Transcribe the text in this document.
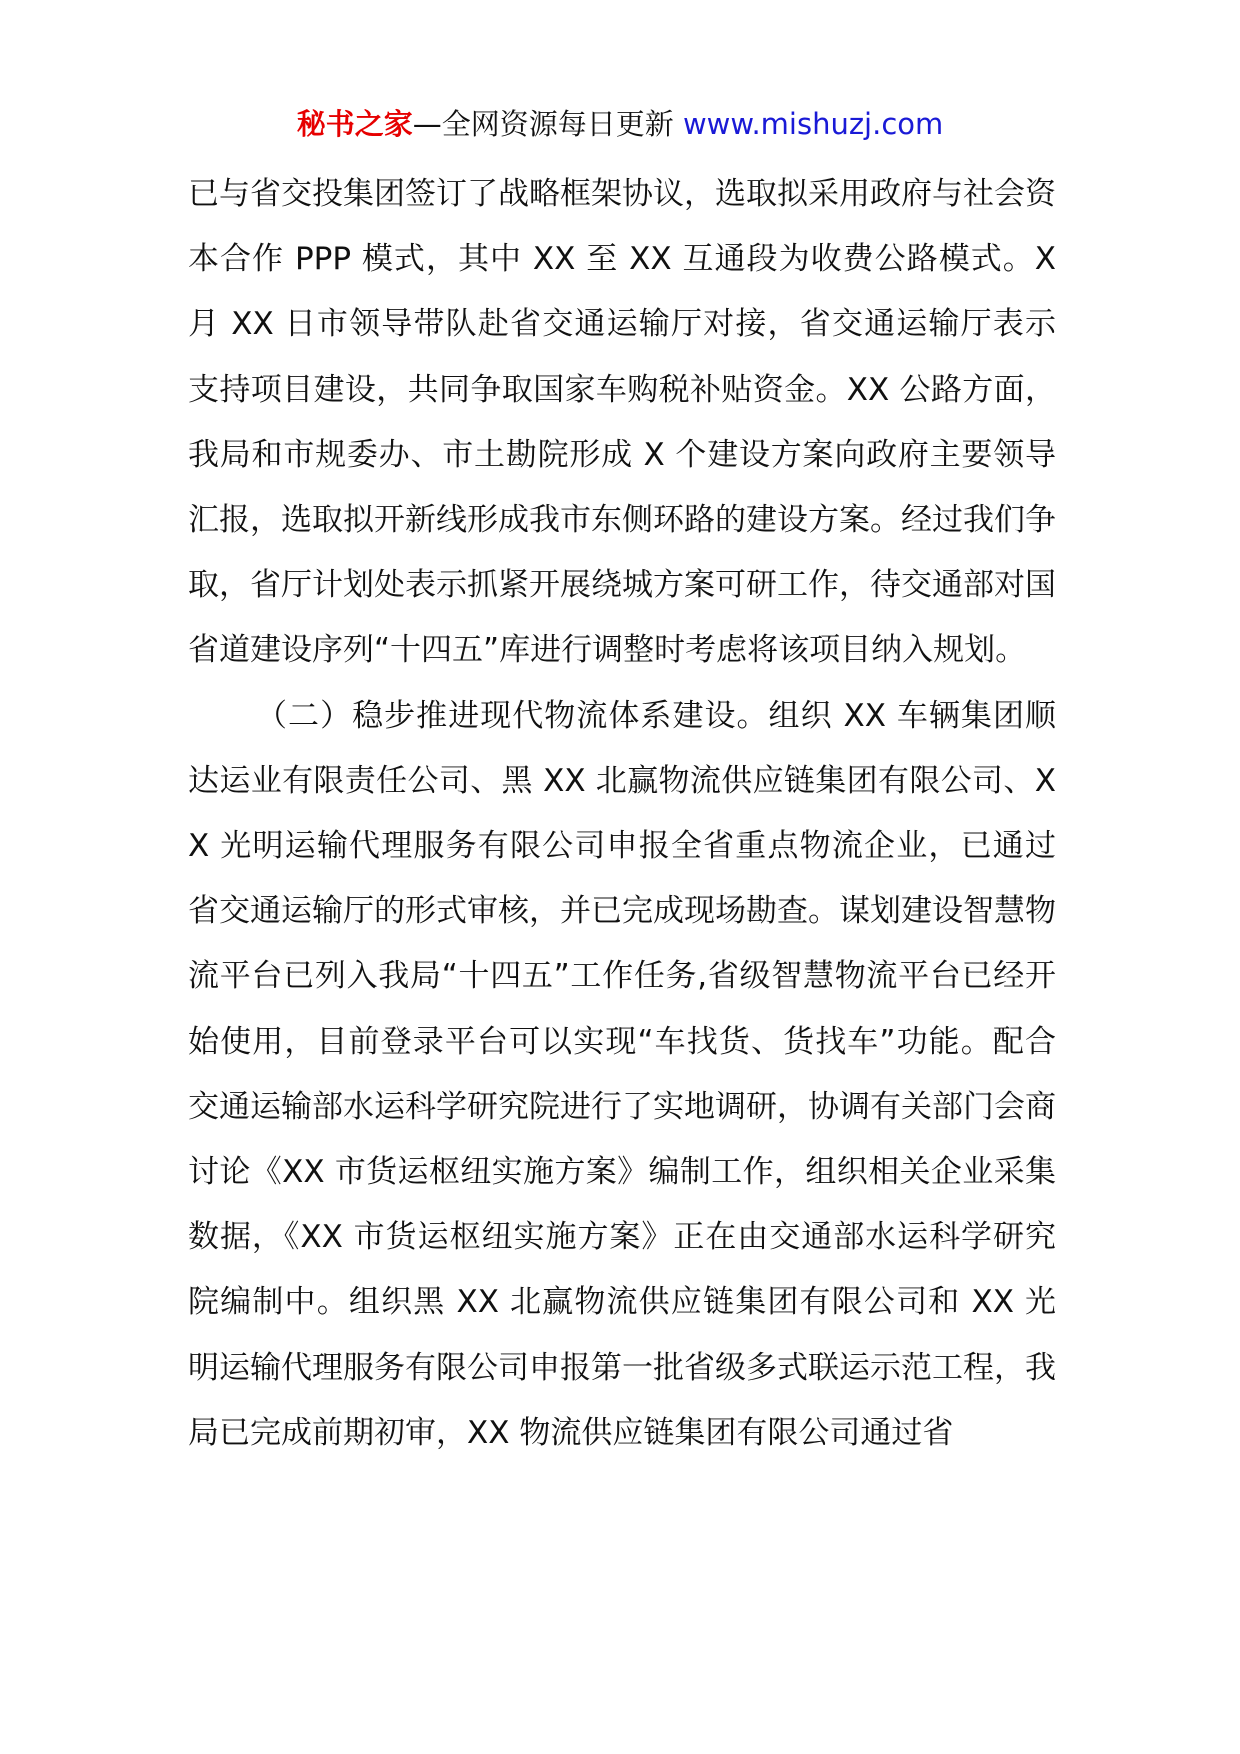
秘书之家—全网资源每日更新 www.mishuzj.com

已与省交投集团签订了战略框架协议，选取拟采用政府与社会资本合作 PPP 模式，其中 XX 至 XX 互通段为收费公路模式。X 月 XX 日市领导带队赴省交通运输厅对接，省交通运输厅表示支持项目建设，共同争取国家车购税补贴资金。XX 公路方面，我局和市规委办、市土勘院形成 X 个建设方案向政府主要领导汇报，选取拟开新线形成我市东侧环路的建设方案。经过我们争取，省厅计划处表示抓紧开展绕城方案可研工作，待交通部对国省道建设序列“十四五”库进行调整时考虑将该项目纳入规划。

（二）稳步推进现代物流体系建设。组织 XX 车辆集团顺达运业有限责任公司、黑 XX 北赢物流供应链集团有限公司、XX 光明运输代理服务有限公司申报全省重点物流企业，已通过省交通运输厅的形式审核，并已完成现场勘查。谋划建设智慧物流平台已列入我局“十四五”工作任务,省级智慧物流平台已经开始使用，目前登录平台可以实现“车找货、货找车”功能。配合交通运输部水运科学研究院进行了实地调研，协调有关部门会商讨论《XX 市货运枢纽实施方案》编制工作，组织相关企业采集数据，《XX 市货运枢纽实施方案》正在由交通部水运科学研究院编制中。组织黑 XX 北赢物流供应链集团有限公司和 XX 光明运输代理服务有限公司申报第一批省级多式联运示范工程，我局已完成前期初审，XX 物流供应链集团有限公司通过省
